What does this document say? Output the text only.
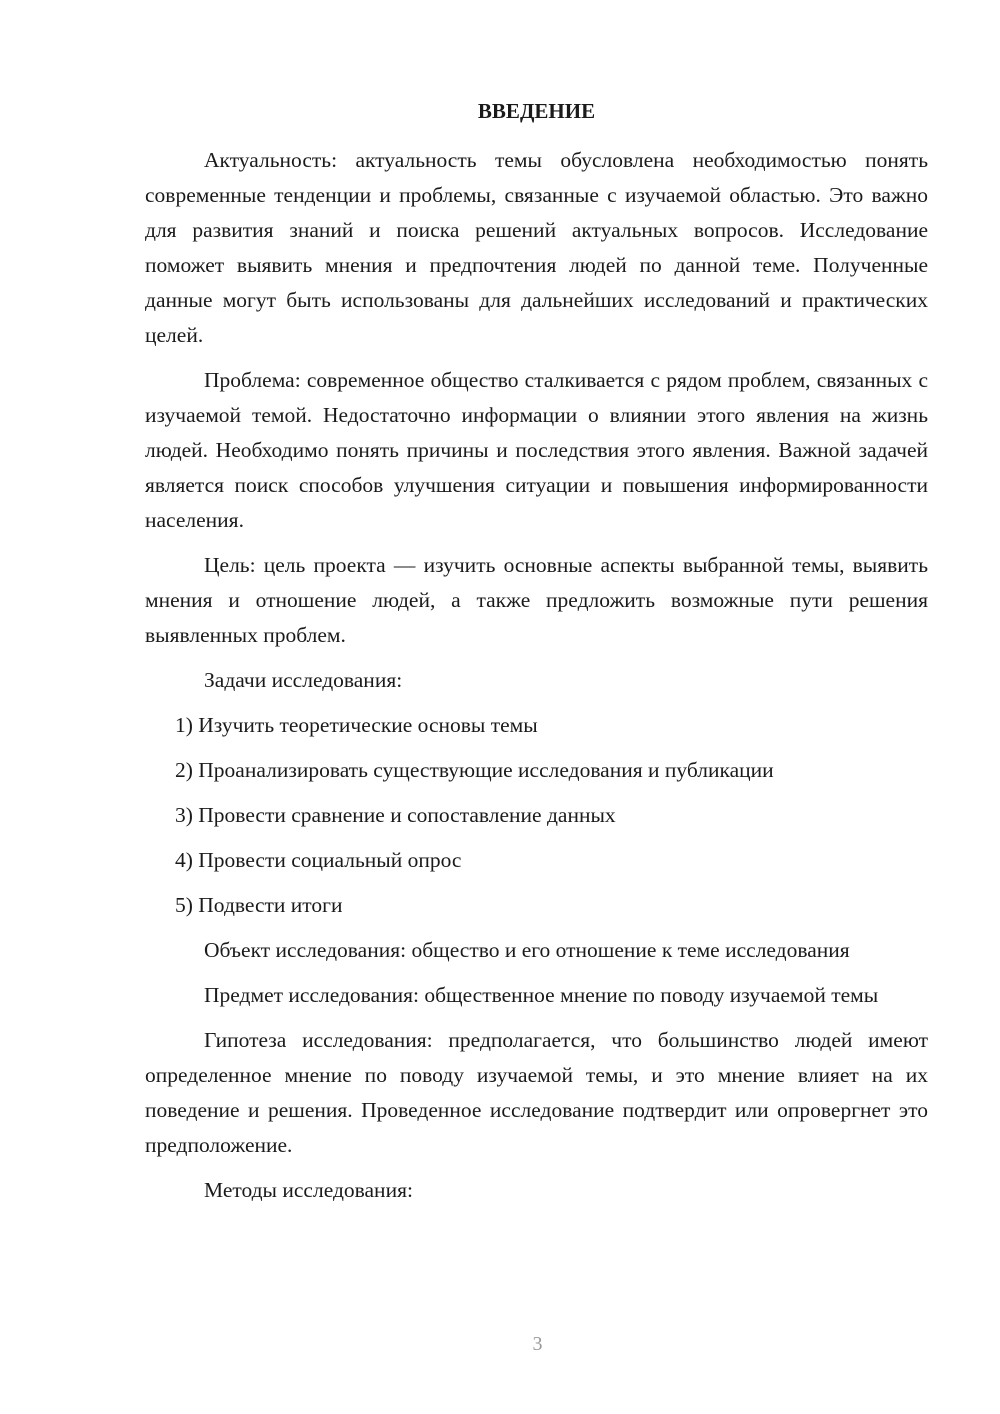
ВВЕДЕНИЕ

Актуальность: актуальность темы обусловлена необходимостью понять современные тенденции и проблемы, связанные с изучаемой областью. Это важно для развития знаний и поиска решений актуальных вопросов. Исследование поможет выявить мнения и предпочтения людей по данной теме. Полученные данные могут быть использованы для дальнейших исследований и практических целей.

Проблема: современное общество сталкивается с рядом проблем, связанных с изучаемой темой. Недостаточно информации о влиянии этого явления на жизнь людей. Необходимо понять причины и последствия этого явления. Важной задачей является поиск способов улучшения ситуации и повышения информированности населения.

Цель: цель проекта — изучить основные аспекты выбранной темы, выявить мнения и отношение людей, а также предложить возможные пути решения выявленных проблем.

Задачи исследования:

1) Изучить теоретические основы темы

2) Проанализировать существующие исследования и публикации

3) Провести сравнение и сопоставление данных

4) Провести социальный опрос

5) Подвести итоги

Объект исследования: общество и его отношение к теме исследования

Предмет исследования: общественное мнение по поводу изучаемой темы

Гипотеза исследования: предполагается, что большинство людей имеют определенное мнение по поводу изучаемой темы, и это мнение влияет на их поведение и решения. Проведенное исследование подтвердит или опровергнет это предположение.

Методы исследования:

3
